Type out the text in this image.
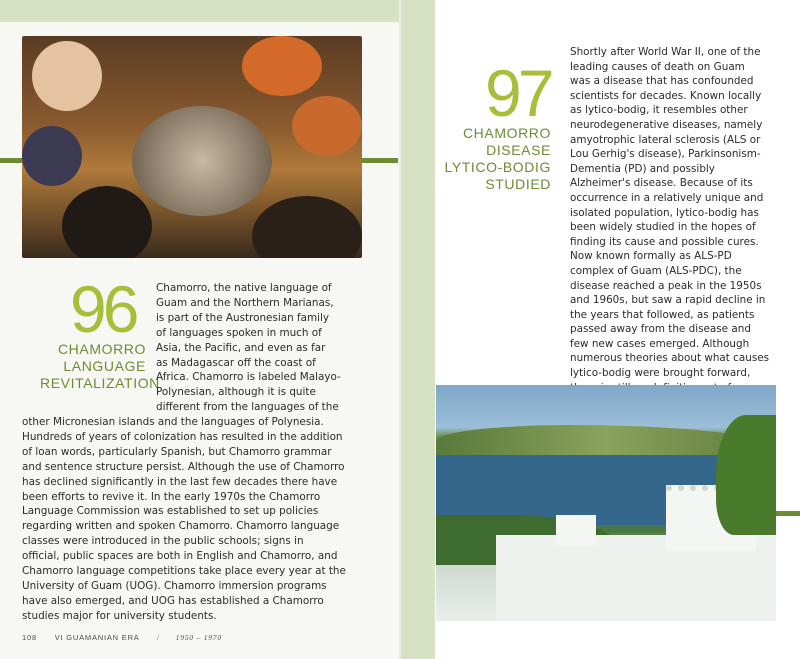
96
CHAMORRO
LANGUAGE
REVITALIZATION
Chamorro, the native language of
Guam and the Northern Marianas,
is part of the Austronesian family
of languages spoken in much of
Asia, the Pacific, and even as far
as Madagascar off the coast of
Africa. Chamorro is labeled Malayo-
Polynesian, although it is quite
different from the languages of the
other Micronesian islands and the languages of Polynesia.
Hundreds of years of colonization has resulted in the addition
of loan words, particularly Spanish, but Chamorro grammar
and sentence structure persist. Although the use of Chamorro
has declined significantly in the last few decades there have
been efforts to revive it. In the early 1970s the Chamorro
Language Commission was established to set up policies
regarding written and spoken Chamorro. Chamorro language
classes were introduced in the public schools; signs in
official, public spaces are both in English and Chamorro, and
Chamorro language competitions take place every year at the
University of Guam (UOG). Chamorro immersion programs
have also emerged, and UOG has established a Chamorro
studies major for university students.
97
CHAMORRO
DISEASE
LYTICO-BODIG
STUDIED
Shortly after World War II, one of the
leading causes of death on Guam
was a disease that has confounded
scientists for decades. Known locally
as lytico-bodig, it resembles other
neurodegenerative diseases, namely
amyotrophic lateral sclerosis (ALS or
Lou Gerhig's disease), Parkinsonism-
Dementia (PD) and possibly
Alzheimer's disease. Because of its
occurrence in a relatively unique and
isolated population, lytico-bodig has
been widely studied in the hopes of
finding its cause and possible cures.
Now known formally as ALS-PD
complex of Guam (ALS-PDC), the
disease reached a peak in the 1950s
and 1960s, but saw a rapid decline in
the years that followed, as patients
passed away from the disease and
few new cases emerged. Although
numerous theories about what causes
lytico-bodig were brought forward,
108 VI GUAMANIAN ERA / 1950 – 1970
